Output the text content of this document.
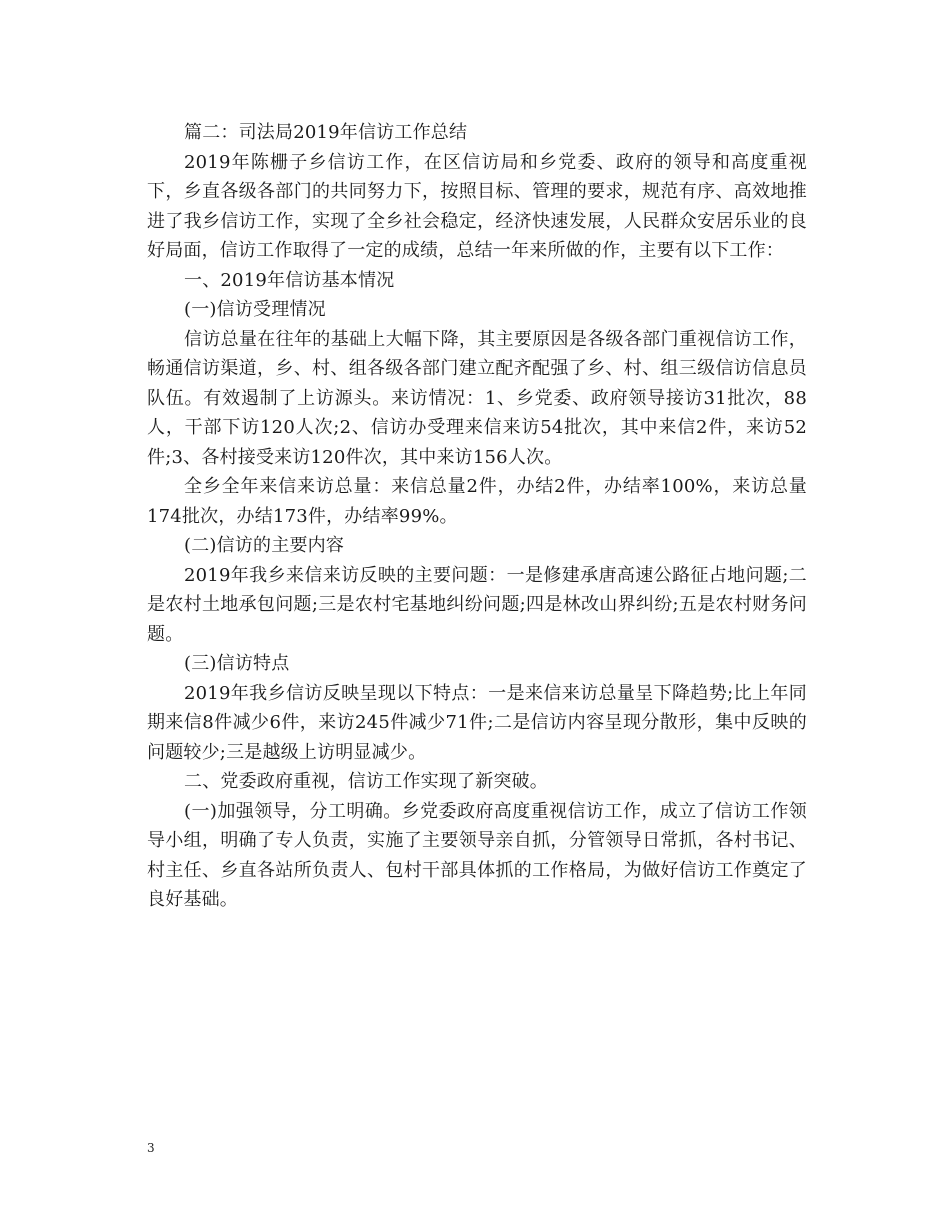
篇二：司法局2019年信访工作总结

2019年陈栅子乡信访工作，在区信访局和乡党委、政府的领导和高度重视下，乡直各级各部门的共同努力下，按照目标、管理的要求，规范有序、高效地推进了我乡信访工作，实现了全乡社会稳定，经济快速发展，人民群众安居乐业的良好局面，信访工作取得了一定的成绩，总结一年来所做的作，主要有以下工作：

一、2019年信访基本情况

(一)信访受理情况

信访总量在往年的基础上大幅下降，其主要原因是各级各部门重视信访工作，畅通信访渠道，乡、村、组各级各部门建立配齐配强了乡、村、组三级信访信息员队伍。有效遏制了上访源头。来访情况：1、乡党委、政府领导接访31批次，88人，干部下访120人次;2、信访办受理来信来访54批次，其中来信2件，来访52件;3、各村接受来访120件次，其中来访156人次。

全乡全年来信来访总量：来信总量2件，办结2件，办结率100%，来访总量174批次，办结173件，办结率99%。

(二)信访的主要内容

2019年我乡来信来访反映的主要问题：一是修建承唐高速公路征占地问题;二是农村土地承包问题;三是农村宅基地纠纷问题;四是林改山界纠纷;五是农村财务问题。

(三)信访特点

2019年我乡信访反映呈现以下特点：一是来信来访总量呈下降趋势;比上年同期来信8件减少6件，来访245件减少71件;二是信访内容呈现分散形，集中反映的问题较少;三是越级上访明显减少。

二、党委政府重视，信访工作实现了新突破。

(一)加强领导，分工明确。乡党委政府高度重视信访工作，成立了信访工作领导小组，明确了专人负责，实施了主要领导亲自抓，分管领导日常抓，各村书记、村主任、乡直各站所负责人、包村干部具体抓的工作格局，为做好信访工作奠定了良好基础。

3
